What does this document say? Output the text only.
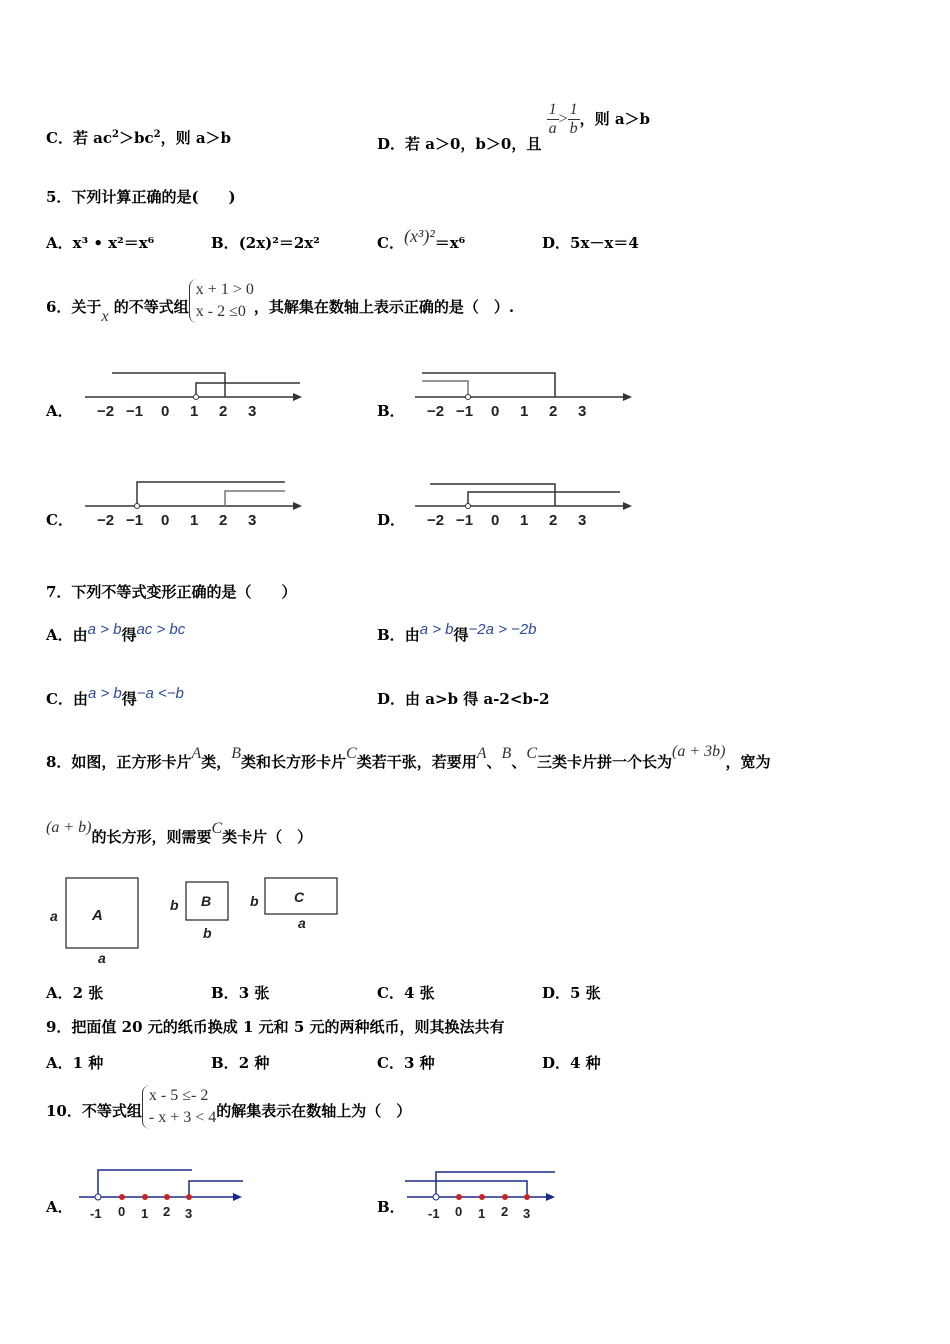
C．若 $ac^2>bc^2$，则 a＞b	D．若 a＞0，b＞0，且
$\frac{1}{a} > \frac{1}{b}$ ，则 a＞b
5．下列计算正确的是(　　)
A．x³ • x²＝x⁶	B．(2x)²＝2x²	C．(x³)²＝x⁶	D．5x－x＝4
6．关于x 的不等式组x + 1 > 0
x - 2 ≤0 ，其解集在数轴上表示正确的是（　）.
A． −2 −1 0 1 2 3	B． −2 −1 0 1 2 3
C． −2 −1 0 1 2 3	D． −2 −1 0 1 2 3
7．下列不等式变形正确的是（　　）
A．由a > b得ac > bc	B．由a > b得−2a > −2b
C．由a > b得−a <−b	D．由 a>b 得 a-2<b-2
8．如图，正方形卡片A类，B类和长方形卡片C类若干张，若要用A、B、C三类卡片拼一个长为(a + 3b)，宽为
(a + b)的长方形，则需要C类卡片（　）
A
a
a
B
b
b
C
b
a
A．2 张	B．3 张	C．4 张	D．5 张
9．把面值 20 元的纸币换成 1 元和 5 元的两种纸币，则其换法共有
A．1 种	B．2 种	C．3 种	D．4 种
10．不等式组x - 5 ≤- 2
- x + 3 < 4的解集表示在数轴上为（　）
A． -1 0 1 2 3	B． -1 0 1 2 3
